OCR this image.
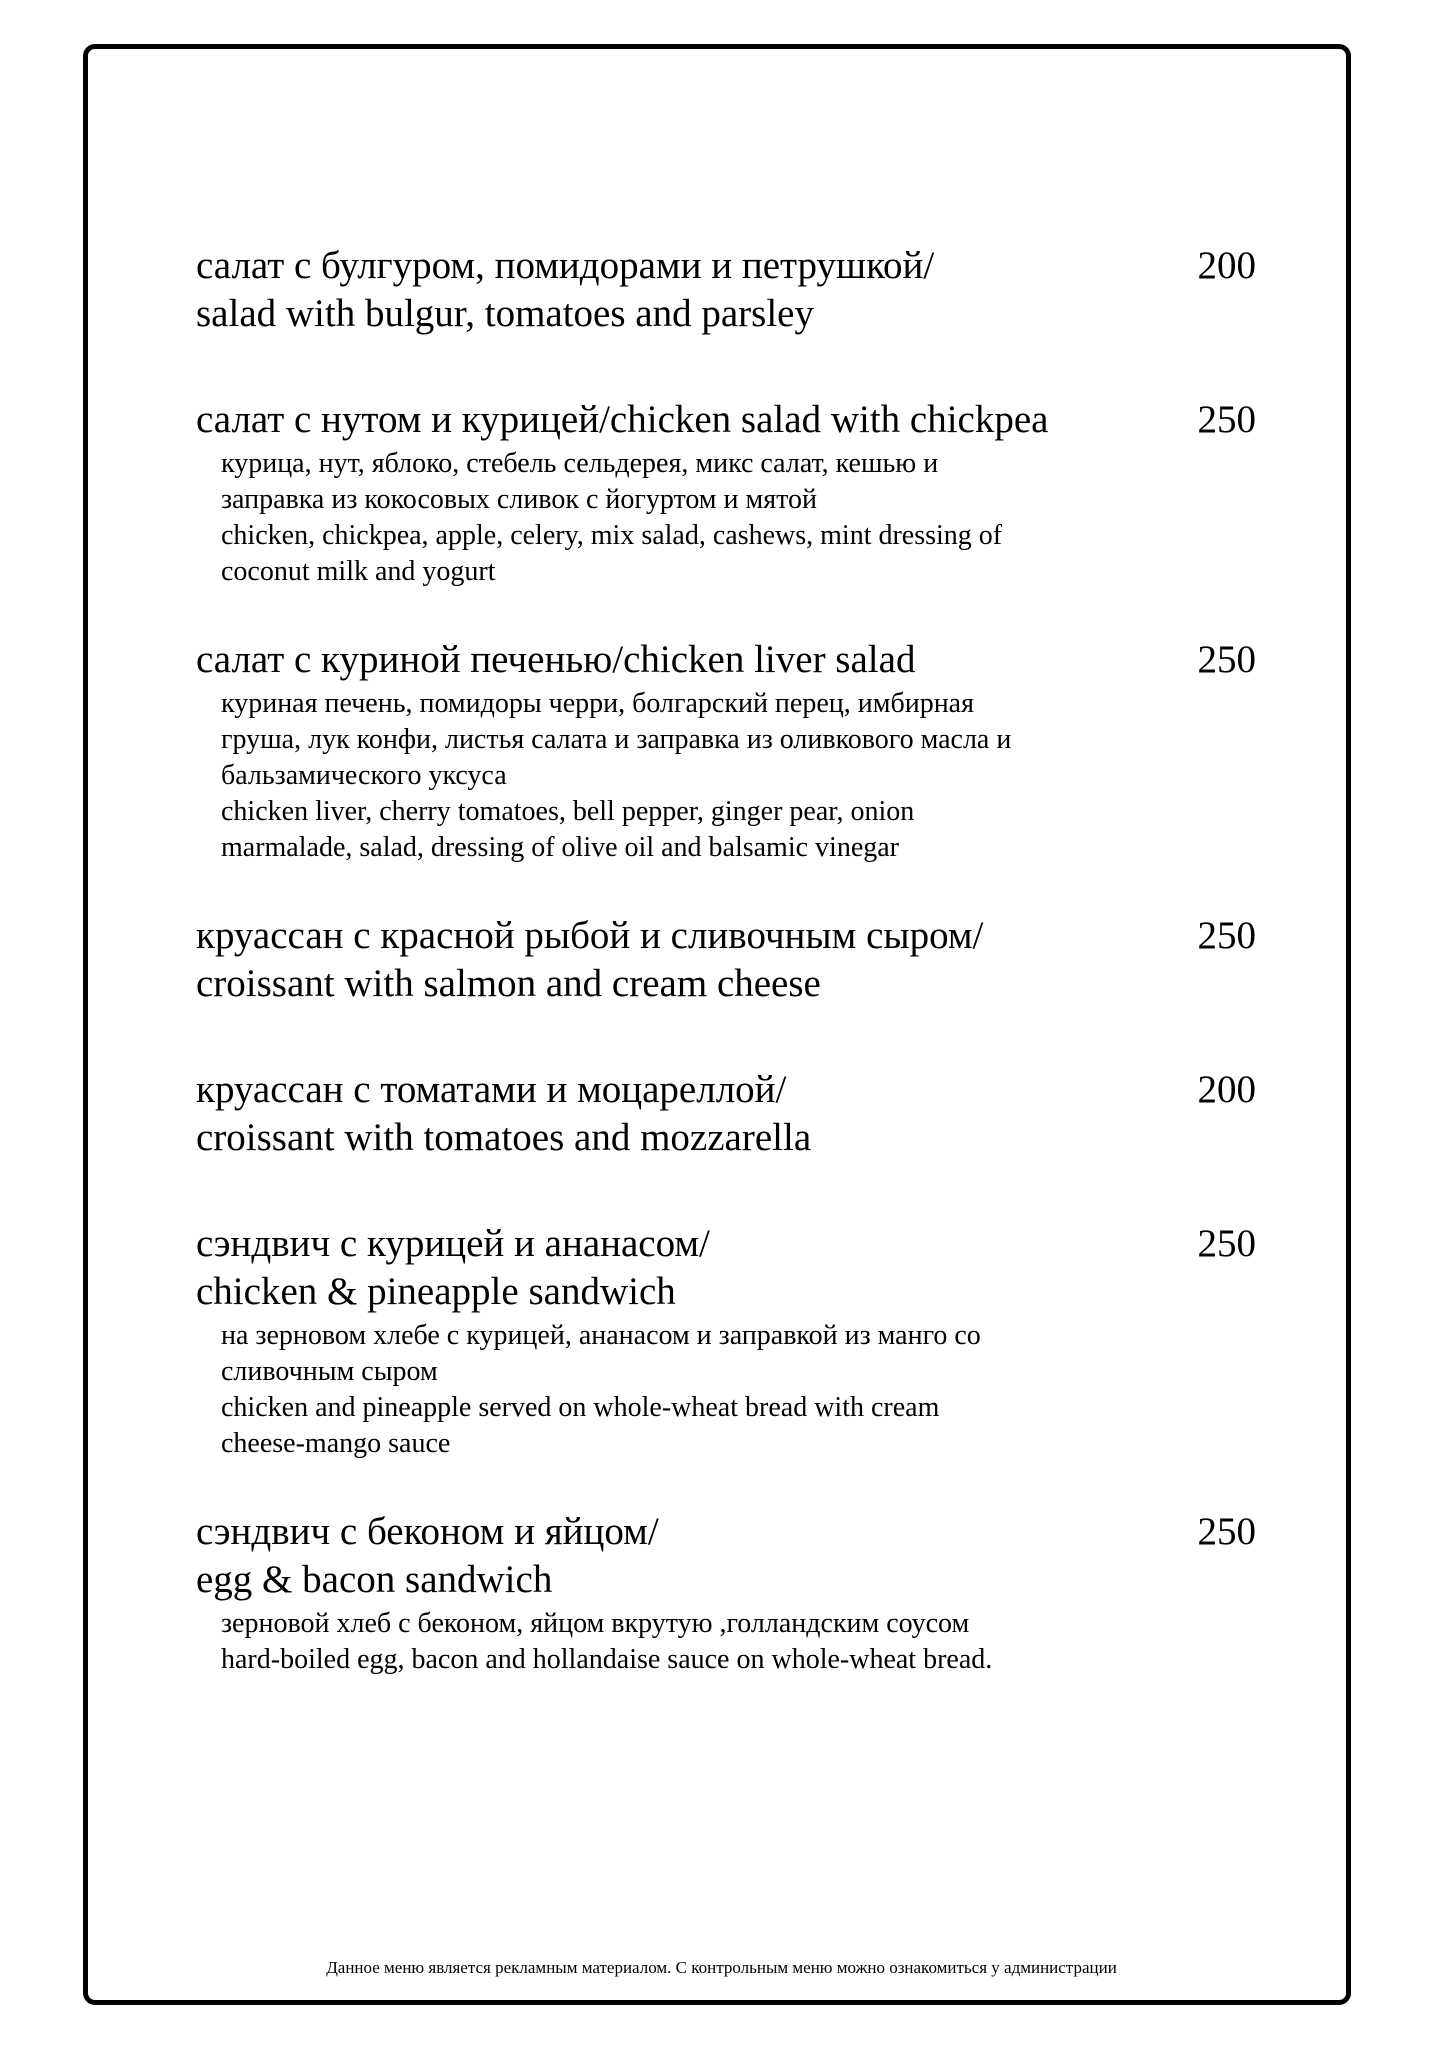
салат с булгуром, помидорами и петрушкой/
salad with bulgur, tomatoes and parsley
200
салат с нутом и курицей/chicken salad with chickpea	250
курица, нут, яблоко, стебель сельдерея, микс салат, кешью и
заправка из кокосовых сливок с йогуртом и мятой
chicken, chickpea, apple, celery, mix salad, cashews, mint dressing of
coconut milk and yogurt
салат с куриной печенью/chicken liver salad	250
куриная печень, помидоры черри, болгарский перец, имбирная
груша, лук конфи, листья салата и заправка из оливкового масла и
бальзамического уксуса
chicken liver, cherry tomatoes, bell pepper, ginger pear, onion
marmalade, salad, dressing of olive oil and balsamic vinegar
круассан с красной рыбой и сливочным сыром/
croissant with salmon and cream cheese
250
круассан с томатами и моцареллой/
croissant with tomatoes and mozzarella
200
сэндвич с курицей и ананасом/
chicken & pineapple sandwich
250
на зерновом хлебе с курицей, ананасом и заправкой из манго со
сливочным сыром
chicken and pineapple served on whole-wheat bread with cream
cheese-mango sauce
сэндвич с беконом и яйцом/
egg & bacon sandwich
250
зерновой хлеб с беконом, яйцом вкрутую ,голландским соусом
hard-boiled egg, bacon and hollandaise sauce on whole-wheat bread.
Данное меню является рекламным материалом. С контрольным меню можно ознакомиться у администрации
